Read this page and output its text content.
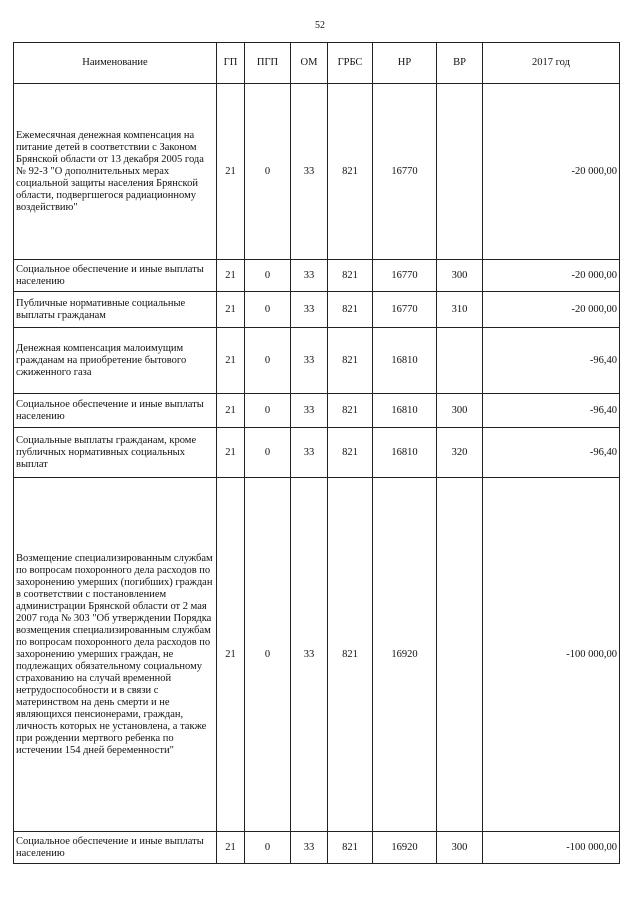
52
Наименование	ГП	ПГП	ОМ	ГРБС	НР	ВР	2017 год
Ежемесячная денежная компенсация на питание детей в соответствии с Законом Брянской области от 13 декабря 2005 года № 92-З "О дополнительных мерах социальной защиты населения Брянской области, подвергшегося радиационному воздействию"	21	0	33	821	16770		-20 000,00
Социальное обеспечение и иные выплаты населению	21	0	33	821	16770	300	-20 000,00
Публичные нормативные социальные выплаты гражданам	21	0	33	821	16770	310	-20 000,00
Денежная компенсация малоимущим гражданам на приобретение бытового сжиженного газа	21	0	33	821	16810		-96,40
Социальное обеспечение и иные выплаты населению	21	0	33	821	16810	300	-96,40
Социальные выплаты гражданам, кроме публичных нормативных социальных выплат	21	0	33	821	16810	320	-96,40
Возмещение специализированным службам по вопросам похоронного дела расходов по захоронению умерших (погибших) граждан в соответствии с постановлением администрации Брянской области от 2 мая 2007 года № 303 "Об утверждении Порядка возмещения специализированным службам по вопросам похоронного дела расходов по захоронению умерших граждан, не подлежащих обязательному социальному страхованию на случай временной нетрудоспособности и в связи с материнством на день смерти и не являющихся пенсионерами, граждан, личность которых не установлена, а также при рождении мертвого ребенка по истечении 154 дней беременности"	21	0	33	821	16920		-100 000,00
Социальное обеспечение и иные выплаты населению	21	0	33	821	16920	300	-100 000,00
